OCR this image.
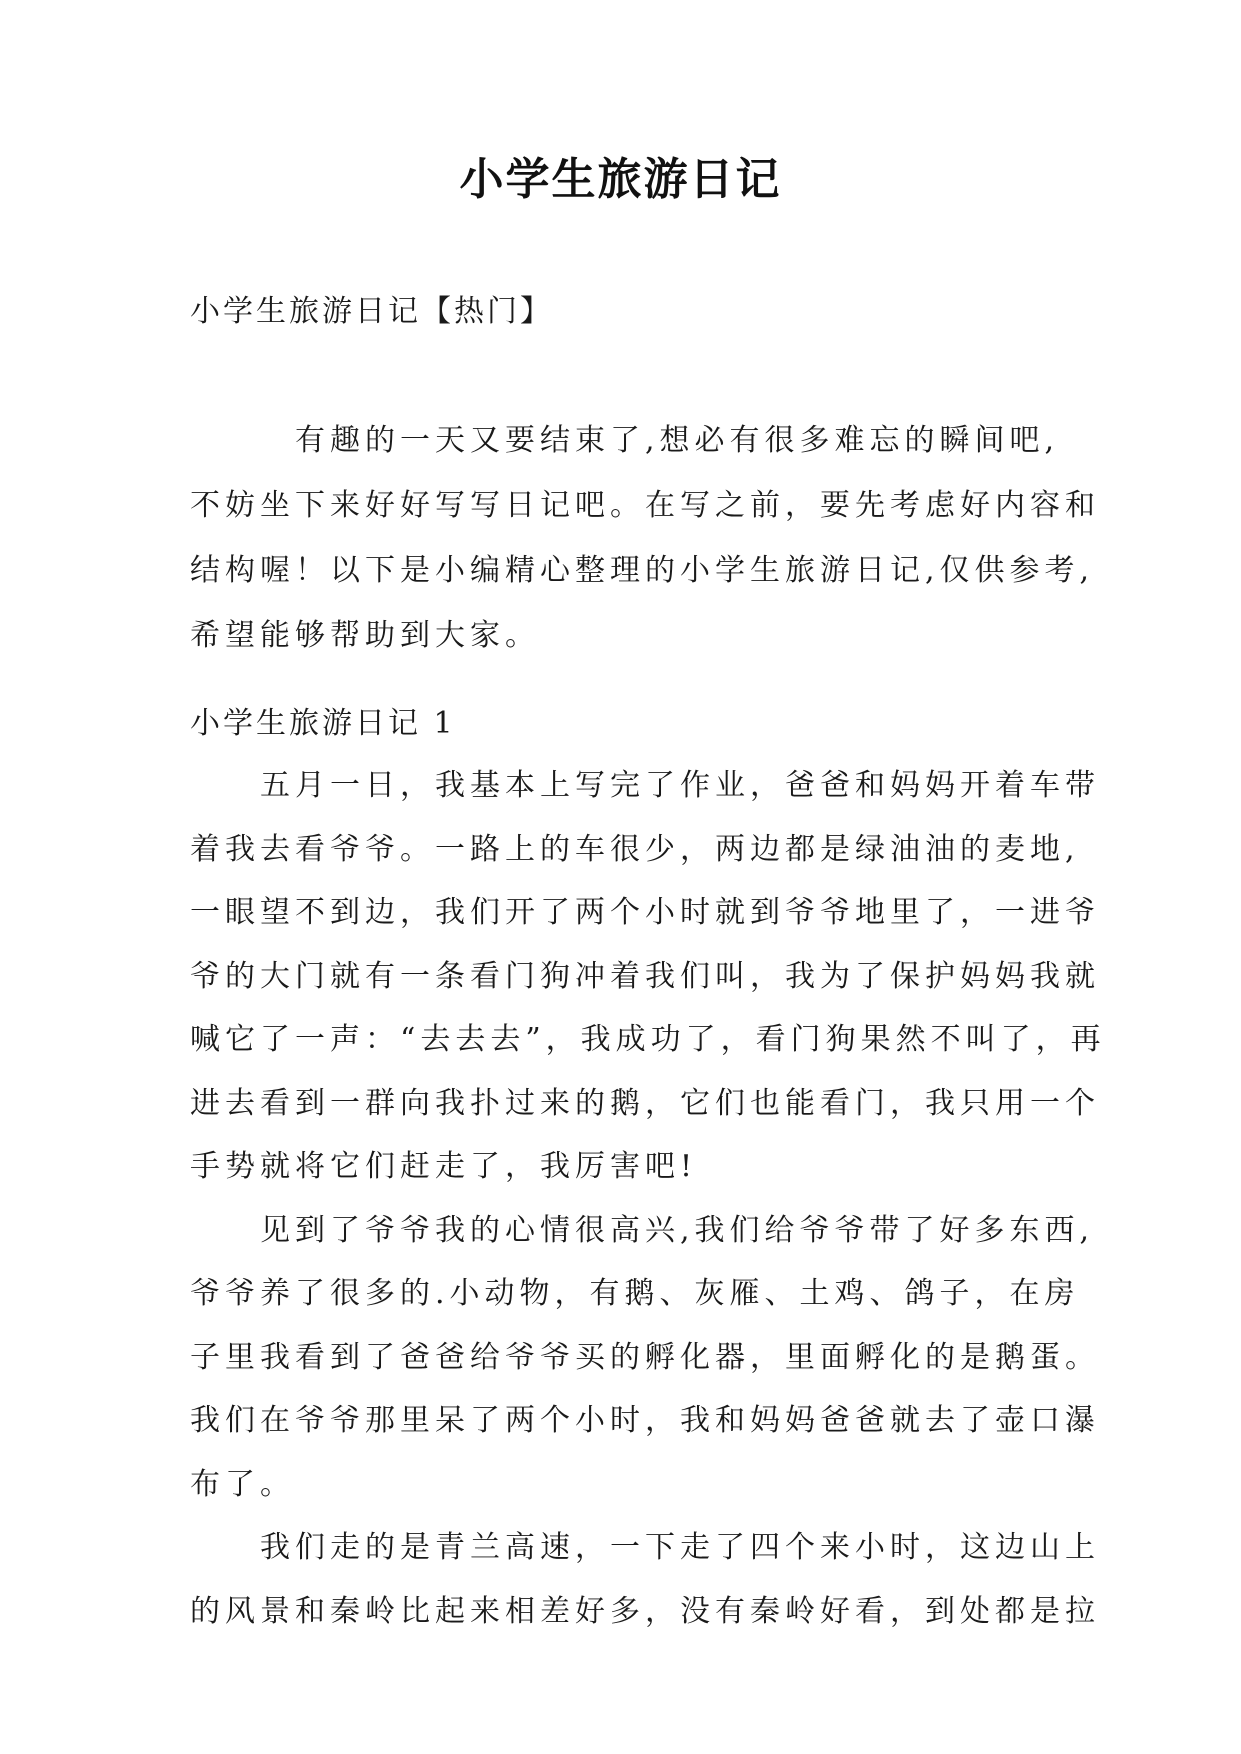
小学生旅游日记

小学生旅游日记【热门】

　　　有趣的一天又要结束了,想必有很多难忘的瞬间吧,
不妨坐下来好好写写日记吧。在写之前，要先考虑好内容和
结构喔！以下是小编精心整理的小学生旅游日记,仅供参考,
希望能够帮助到大家。

小学生旅游日记 1

　　五月一日，我基本上写完了作业，爸爸和妈妈开着车带
着我去看爷爷。一路上的车很少，两边都是绿油油的麦地,
一眼望不到边，我们开了两个小时就到爷爷地里了，一进爷
爷的大门就有一条看门狗冲着我们叫，我为了保护妈妈我就
喊它了一声：“去去去”，我成功了，看门狗果然不叫了，再
进去看到一群向我扑过来的鹅，它们也能看门，我只用一个
手势就将它们赶走了，我厉害吧!
　　见到了爷爷我的心情很高兴,我们给爷爷带了好多东西,
爷爷养了很多的.小动物，有鹅、灰雁、土鸡、鸽子，在房
子里我看到了爸爸给爷爷买的孵化器，里面孵化的是鹅蛋。
我们在爷爷那里呆了两个小时，我和妈妈爸爸就去了壶口瀑
布了。
　　我们走的是青兰高速，一下走了四个来小时，这边山上
的风景和秦岭比起来相差好多，没有秦岭好看，到处都是拉
